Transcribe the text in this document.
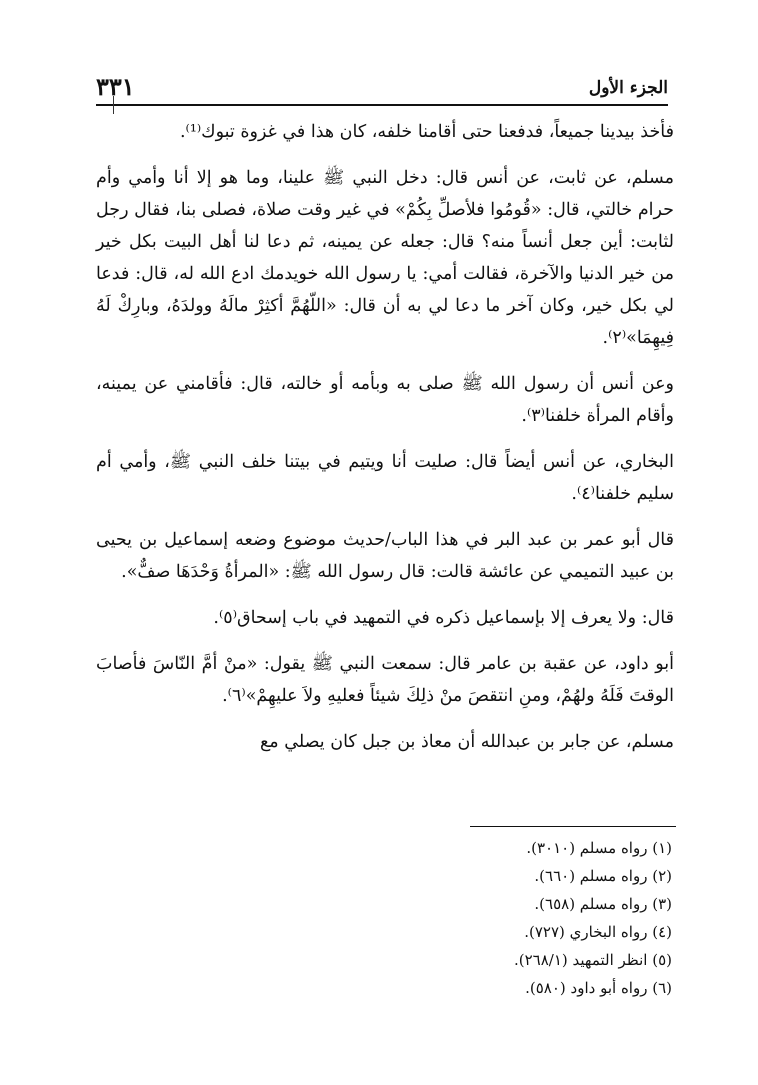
٣٣١	الجزء الأول

فأخذ بيدينا جميعاً، فدفعنا حتى أقامنا خلفه، كان هذا في غزوة تبوك⁽¹⁾.

مسلم، عن ثابت، عن أنس قال: دخل النبي ﷺ علينا، وما هو إلا أنا وأمي وأم حرام خالتي، قال: «قُومُوا فلأصلِّ بِكُمْ» في غير وقت صلاة، فصلى بنا، فقال رجل لثابت: أين جعل أنساً منه؟ قال: جعله عن يمينه، ثم دعا لنا أهل البيت بكل خير من خير الدنيا والآخرة، فقالت أمي: يا رسول الله خويدمك ادع الله له، قال: فدعا لي بكل خير، وكان آخر ما دعا لي به أن قال: «اللّهُمَّ أكثِرْ مالَهُ وولدَهُ، وبارِكْ لَهُ فِيهِمَا»⁽٢⁾.

وعن أنس أن رسول الله ﷺ صلى به وبأمه أو خالته، قال: فأقامني عن يمينه، وأقام المرأة خلفنا⁽٣⁾.

البخاري، عن أنس أيضاً قال: صليت أنا ويتيم في بيتنا خلف النبي ﷺ، وأمي أم سليم خلفنا⁽٤⁾.

قال أبو عمر بن عبد البر في هذا الباب/حديث موضوع وضعه إسماعيل بن يحيى بن عبيد التميمي عن عائشة قالت: قال رسول الله ﷺ: «المرأةُ وَحْدَهَا صفٌّ».

قال: ولا يعرف إلا بإسماعيل ذكره في التمهيد في باب إسحاق⁽٥⁾.

أبو داود، عن عقبة بن عامر قال: سمعت النبي ﷺ يقول: «منْ أمَّ النّاسَ فأصابَ الوقتَ فَلَهُ ولهُمْ، ومنِ انتقصَ منْ ذلِكَ شيئاً فعليهِ ولاَ عليهِمْ»⁽٦⁾.

مسلم، عن جابر بن عبدالله أن معاذ بن جبل كان يصلي مع

(١) رواه مسلم (٣٠١٠).
(٢) رواه مسلم (٦٦٠).
(٣) رواه مسلم (٦٥٨).
(٤) رواه البخاري (٧٢٧).
(٥) انظر التمهيد (٢٦٨/١).
(٦) رواه أبو داود (٥٨٠).
